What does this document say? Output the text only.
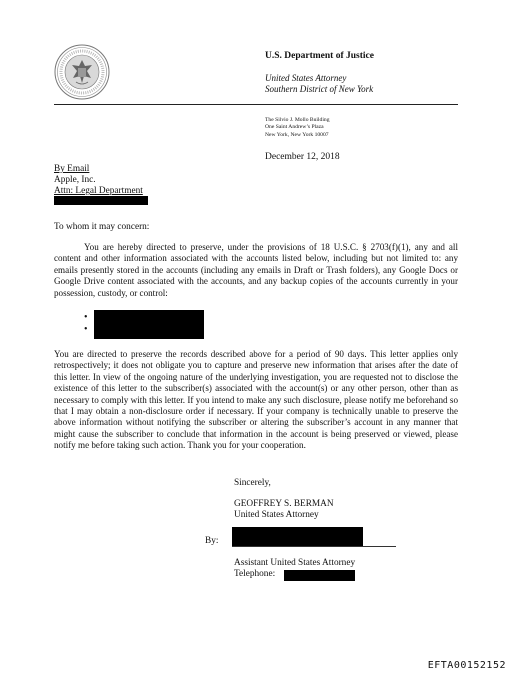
U.S. Department of Justice
United States Attorney
Southern District of New York
The Silvio J. Mollo Building
One Saint Andrew’s Plaza
New York, New York 10007
December 12, 2018
By Email
Apple, Inc.
Attn: Legal Department
To whom it may concern:

You are hereby directed to preserve, under the provisions of 18 U.S.C. § 2703(f)(1), any and all content and other information associated with the accounts listed below, including but not limited to: any emails presently stored in the accounts (including any emails in Draft or Trash folders), any Google Docs or Google Drive content associated with the accounts, and any backup copies of the accounts currently in your possession, custody, or control:

•
•

You are directed to preserve the records described above for a period of 90 days. This letter applies only retrospectively; it does not obligate you to capture and preserve new information that arises after the date of this letter. In view of the ongoing nature of the underlying investigation, you are requested not to disclose the existence of this letter to the subscriber(s) associated with the account(s) or any other person, other than as necessary to comply with this letter. If you intend to make any such disclosure, please notify me beforehand so that I may obtain a non-disclosure order if necessary. If your company is technically unable to preserve the above information without notifying the subscriber or altering the subscriber’s account in any manner that might cause the subscriber to conclude that information in the account is being preserved or viewed, please notify me before taking such action. Thank you for your cooperation.

Sincerely,
GEOFFREY S. BERMAN
United States Attorney
By:
Assistant United States Attorney
Telephone:
EFTA00152152
